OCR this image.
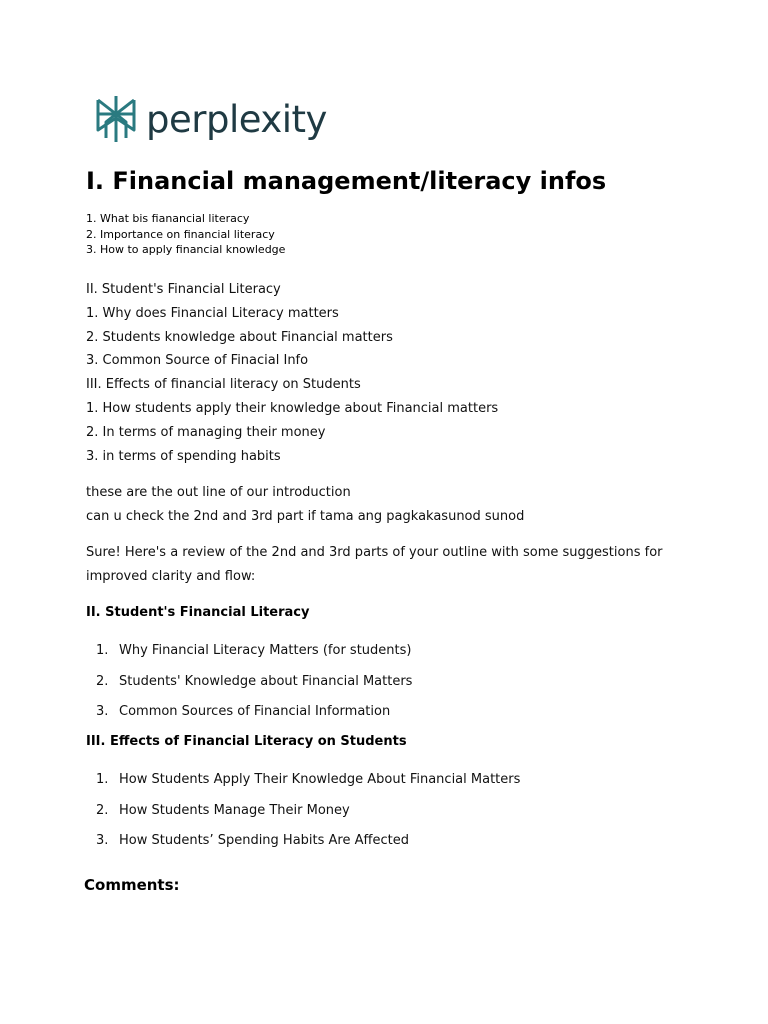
perplexity
I. Financial management/literacy infos
1. What bis fianancial literacy
2. Importance on financial literacy
3. How to apply financial knowledge
II. Student's Financial Literacy
1. Why does Financial Literacy matters
2. Students knowledge about Financial matters
3. Common Source of Finacial Info
III. Effects of financial literacy on Students
1. How students apply their knowledge about Financial matters
2. In terms of managing their money
3. in terms of spending habits
these are the out line of our introduction
can u check the 2nd and 3rd part if tama ang pagkakasunod sunod
Sure! Here's a review of the 2nd and 3rd parts of your outline with some suggestions for improved clarity and flow:
II. Student's Financial Literacy
1. Why Financial Literacy Matters (for students)
2. Students' Knowledge about Financial Matters
3. Common Sources of Financial Information
III. Effects of Financial Literacy on Students
1. How Students Apply Their Knowledge About Financial Matters
2. How Students Manage Their Money
3. How Students’ Spending Habits Are Affected
Comments:
